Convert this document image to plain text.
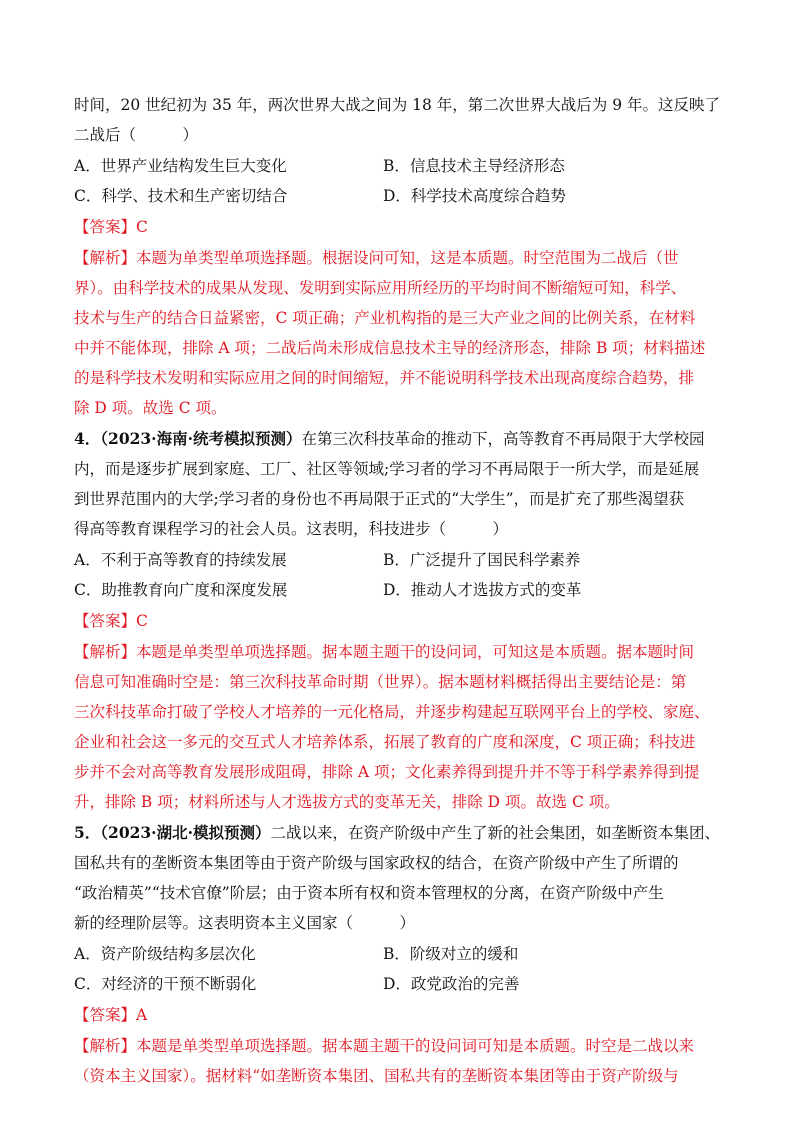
时间，20 世纪初为 35 年，两次世界大战之间为 18 年，第二次世界大战后为 9 年。这反映了
二战后（　　　）
A．世界产业结构发生巨大变化	B．信息技术主导经济形态
C．科学、技术和生产密切结合	D．科学技术高度综合趋势
【答案】C
【解析】本题为单类型单项选择题。根据设问可知，这是本质题。时空范围为二战后（世
界）。由科学技术的成果从发现、发明到实际应用所经历的平均时间不断缩短可知，科学、
技术与生产的结合日益紧密，C 项正确；产业机构指的是三大产业之间的比例关系，在材料
中并不能体现，排除 A 项；二战后尚未形成信息技术主导的经济形态，排除 B 项；材料描述
的是科学技术发明和实际应用之间的时间缩短，并不能说明科学技术出现高度综合趋势，排
除 D 项。故选 C 项。
4．（2023·海南·统考模拟预测）在第三次科技革命的推动下，高等教育不再局限于大学校园
内，而是逐步扩展到家庭、工厂、社区等领域;学习者的学习不再局限于一所大学，而是延展
到世界范围内的大学;学习者的身份也不再局限于正式的“大学生”，而是扩充了那些渴望获
得高等教育课程学习的社会人员。这表明，科技进步（　　　）
A．不利于高等教育的持续发展	B．广泛提升了国民科学素养
C．助推教育向广度和深度发展	D．推动人才选拔方式的变革
【答案】C
【解析】本题是单类型单项选择题。据本题主题干的设问词，可知这是本质题。据本题时间
信息可知准确时空是：第三次科技革命时期（世界）。据本题材料概括得出主要结论是：第
三次科技革命打破了学校人才培养的一元化格局，并逐步构建起互联网平台上的学校、家庭、
企业和社会这一多元的交互式人才培养体系，拓展了教育的广度和深度，C 项正确；科技进
步并不会对高等教育发展形成阻碍，排除 A 项；文化素养得到提升并不等于科学素养得到提
升，排除 B 项；材料所述与人才选拔方式的变革无关，排除 D 项。故选 C 项。
5．（2023·湖北·模拟预测）二战以来，在资产阶级中产生了新的社会集团，如垄断资本集团、
国私共有的垄断资本集团等由于资产阶级与国家政权的结合，在资产阶级中产生了所谓的
“政治精英”“技术官僚”阶层；由于资本所有权和资本管理权的分离，在资产阶级中产生
新的经理阶层等。这表明资本主义国家（　　　）
A．资产阶级结构多层次化	B．阶级对立的缓和
C．对经济的干预不断弱化	D．政党政治的完善
【答案】A
【解析】本题是单类型单项选择题。据本题主题干的设问词可知是本质题。时空是二战以来
（资本主义国家）。据材料“如垄断资本集团、国私共有的垄断资本集团等由于资产阶级与
